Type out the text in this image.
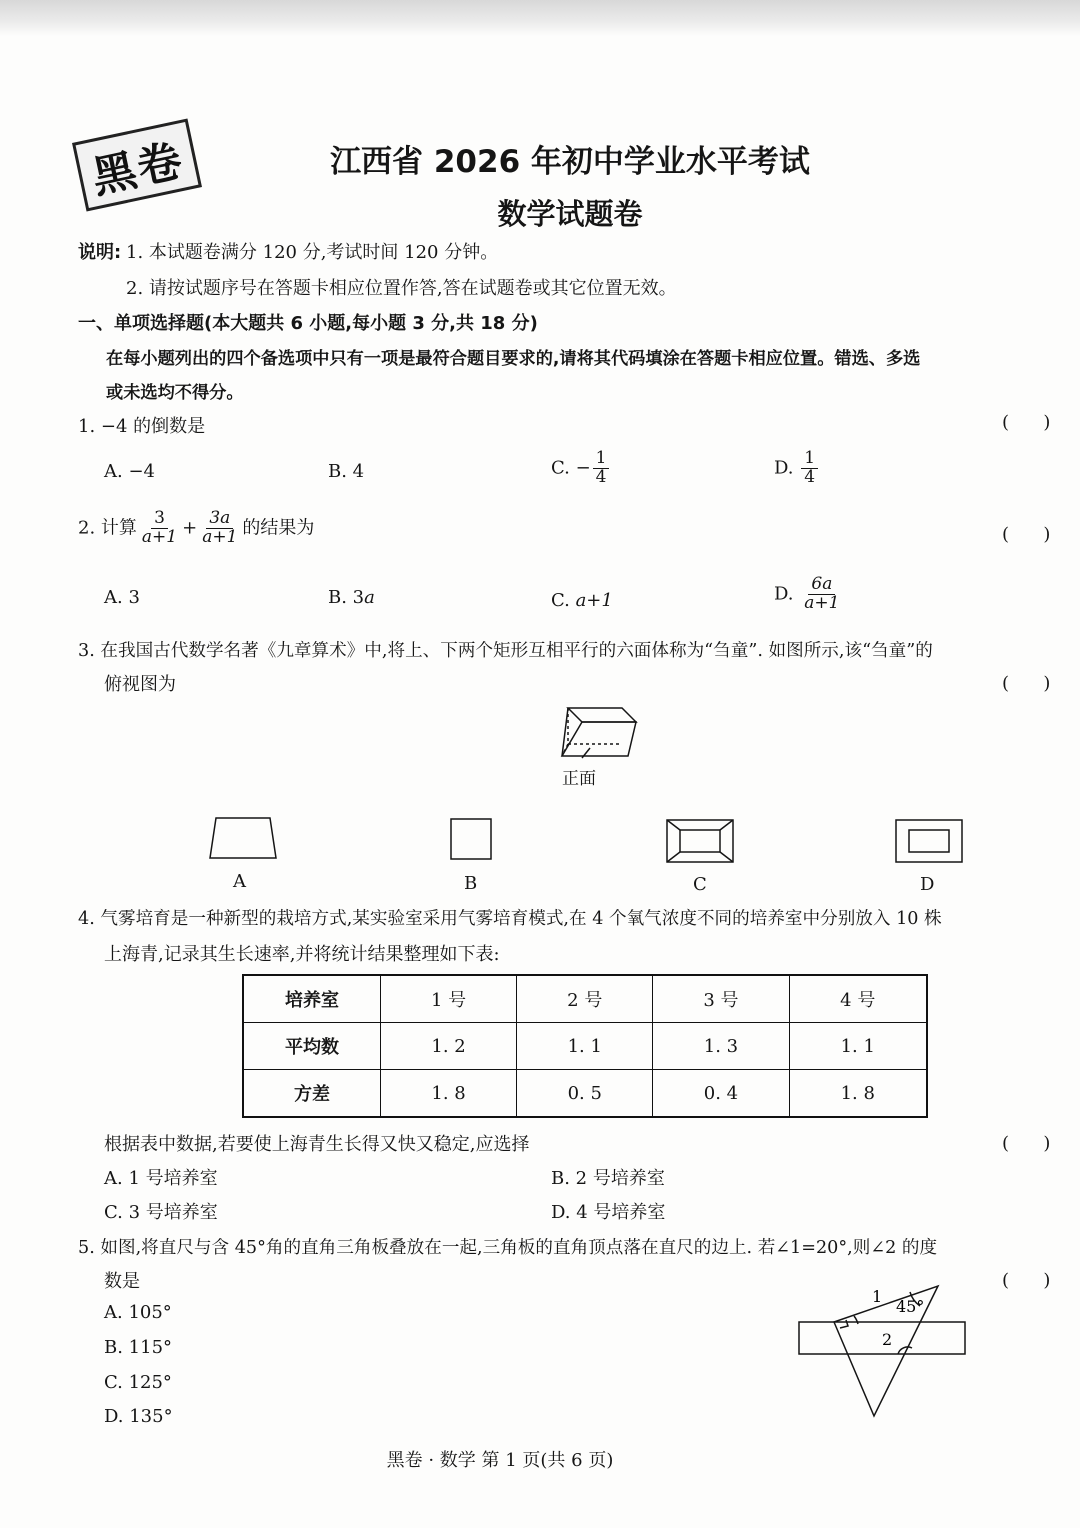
黑卷	江西省 2026 年初中学业水平考试
数学试题卷
说明: 1. 本试题卷满分 120 分,考试时间 120 分钟。
2. 请按试题序号在答题卡相应位置作答,答在试题卷或其它位置无效。
一、单项选择题(本大题共 6 小题,每小题 3 分,共 18 分)
在每小题列出的四个备选项中只有一项是最符合题目要求的,请将其代码填涂在答题卡相应位置。错选、多选
或未选均不得分。
1. −4 的倒数是	(      )
A. −4	B. 4	C. − $\frac{1}{4}$	D. $\frac{1}{4}$
2. 计算 $\frac{3}{a+1} + \frac{3a}{a+1}$ 的结果为	(      )
A. 3	B. 3a	C. a+1	D. $\frac{6a}{a+1}$
3. 在我国古代数学名著《九章算术》中,将上、下两个矩形互相平行的六面体称为“刍童”. 如图所示,该“刍童”的
俯视图为	(      )
正面
A	B	C	D
4. 气雾培育是一种新型的栽培方式,某实验室采用气雾培育模式,在 4 个氧气浓度不同的培养室中分别放入 10 株
上海青,记录其生长速率,并将统计结果整理如下表:
培养室	1 号	2 号	3 号	4 号
平均数	1. 2	1. 1	1. 3	1. 1
方差	1. 8	0. 5	0. 4	1. 8
根据表中数据,若要使上海青生长得又快又稳定,应选择	(      )
A. 1 号培养室	B. 2 号培养室
C. 3 号培养室	D. 4 号培养室
5. 如图,将直尺与含 45°角的直角三角板叠放在一起,三角板的直角顶点落在直尺的边上. 若∠1=20°,则∠2 的度
数是	(      )
A. 105°
B. 115°
C. 125°
D. 135°
1
45°
2
黑卷 · 数学 第 1 页(共 6 页)
